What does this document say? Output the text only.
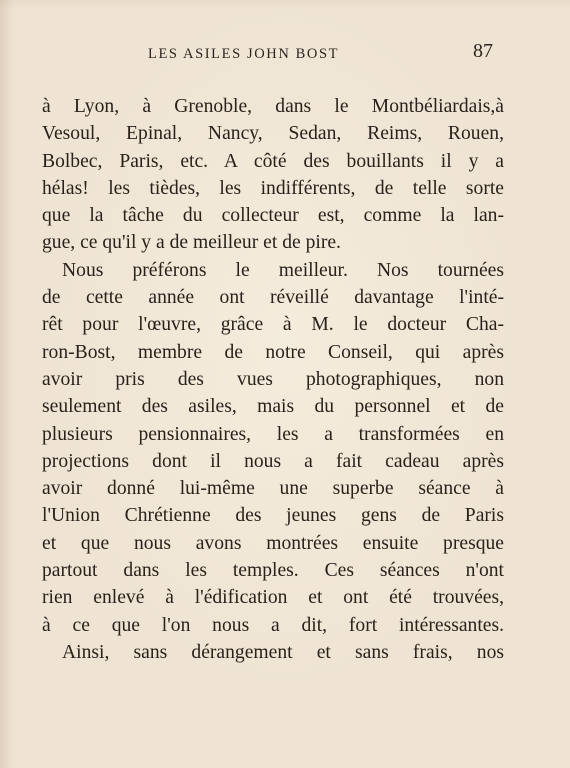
LES ASILES JOHN BOST	87
à Lyon, à Grenoble, dans le Montbéliardais,à
Vesoul, Epinal, Nancy, Sedan, Reims, Rouen,
Bolbec, Paris, etc. A côté des bouillants il y a
hélas! les tièdes, les indifférents, de telle sorte
que la tâche du collecteur est, comme la lan-
gue, ce qu'il y a de meilleur et de pire.
Nous préférons le meilleur. Nos tournées
de cette année ont réveillé davantage l'inté-
rêt pour l'œuvre, grâce à M. le docteur Cha-
ron-Bost, membre de notre Conseil, qui après
avoir pris des vues photographiques, non
seulement des asiles, mais du personnel et de
plusieurs pensionnaires, les a transformées en
projections dont il nous a fait cadeau après
avoir donné lui-même une superbe séance à
l'Union Chrétienne des jeunes gens de Paris
et que nous avons montrées ensuite presque
partout dans les temples. Ces séances n'ont
rien enlevé à l'édification et ont été trouvées,
à ce que l'on nous a dit, fort intéressantes.
Ainsi, sans dérangement et sans frais, nos
